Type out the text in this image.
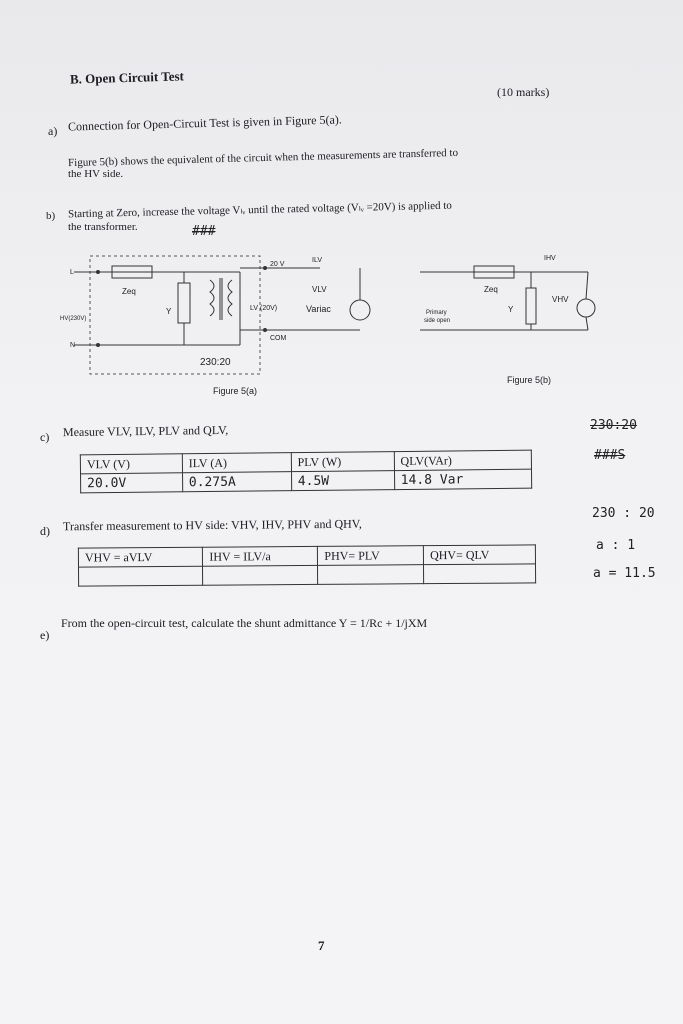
B. Open Circuit Test
(10 marks)
a) Connection for Open-Circuit Test is given in Figure 5(a).
Figure 5(b) shows the equivalent of the circuit when the measurements are transferred to
the HV side.
b) Starting at Zero, increase the voltage Vₗᵥ until the rated voltage (Vₗᵥ =20V) is applied to
the transformer.	###
L
N
HV(230V)
Zeq
Y
20 V
ILV
VLV
LV (20V)	Variac
COM
230:20
Figure 5(a)
IHV
Zeq
VHV
Y
Primary
side open
Figure 5(b)
c) Measure VLV, ILV, PLV and QLV,
VLV (V)	ILV (A)	PLV (W)	QLV(VAr)
20.0V	0.275A	4.5W	14.8 Var
d) Transfer measurement to HV side: VHV, IHV, PHV and QHV,
VHV = aVLV	IHV = ILV/a	PHV= PLV	QHV= QLV

e)
From the open-circuit test, calculate the shunt admittance Y = 1/Rc + 1/jXM
230:20
###S
230 : 20
a : 1
a = 11.5
7
